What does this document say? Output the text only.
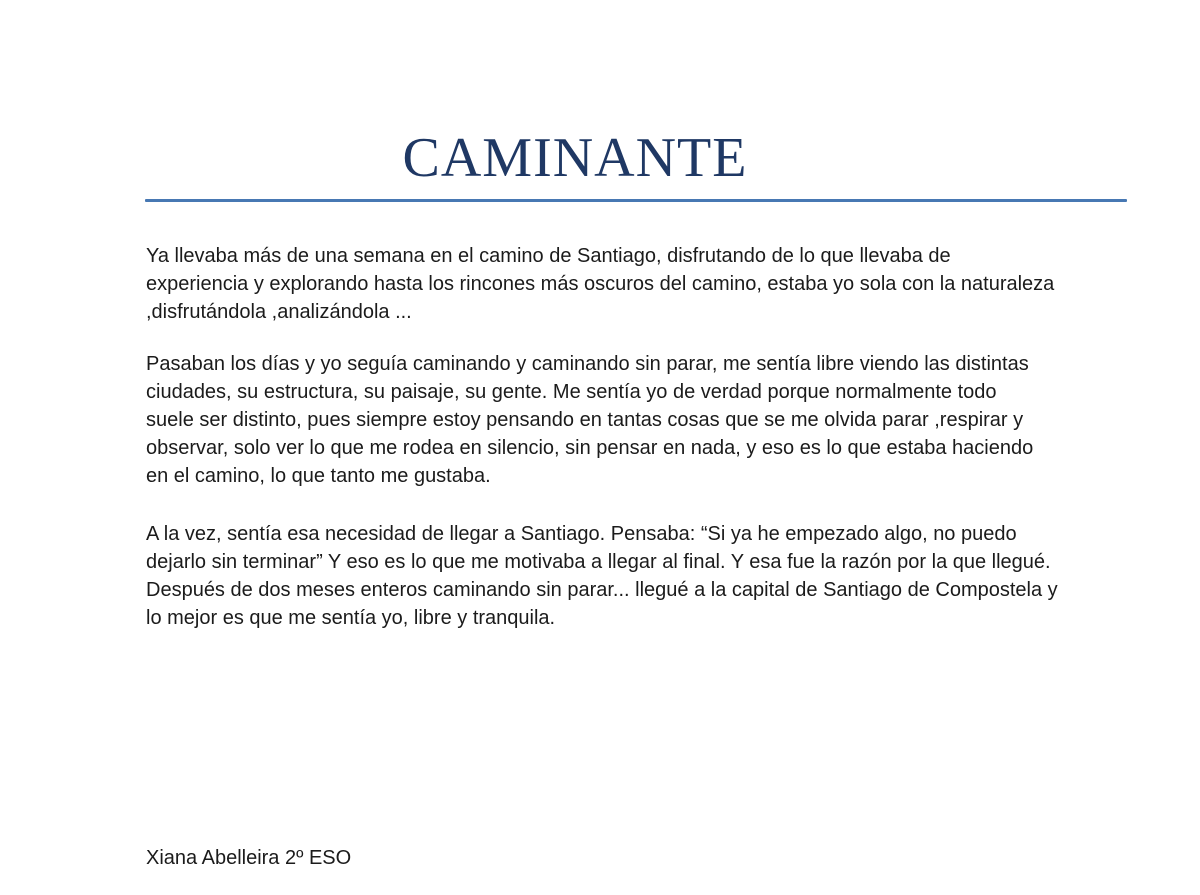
CAMINANTE
Ya llevaba más de una semana en el camino de Santiago, disfrutando de lo que llevaba de
experiencia y explorando hasta los rincones más oscuros del camino, estaba yo sola con la naturaleza
,disfrutándola ,analizándola ...
Pasaban los días y yo seguía caminando y caminando sin parar, me sentía libre viendo las distintas
ciudades, su estructura, su paisaje, su gente. Me sentía yo de verdad porque normalmente todo
suele ser distinto, pues siempre estoy pensando en tantas cosas que se me olvida parar ,respirar y
observar, solo ver lo que me rodea en silencio, sin pensar en nada, y eso es lo que estaba haciendo
en el camino, lo que tanto me gustaba.
A la vez, sentía esa necesidad de llegar a Santiago. Pensaba: “Si ya he empezado algo, no puedo
dejarlo sin terminar” Y eso es lo que me motivaba a llegar al final. Y esa fue la razón por la que llegué.
Después de dos meses enteros caminando sin parar... llegué a la capital de Santiago de Compostela y
lo mejor es que me sentía yo, libre y tranquila.
Xiana Abelleira 2º ESO
